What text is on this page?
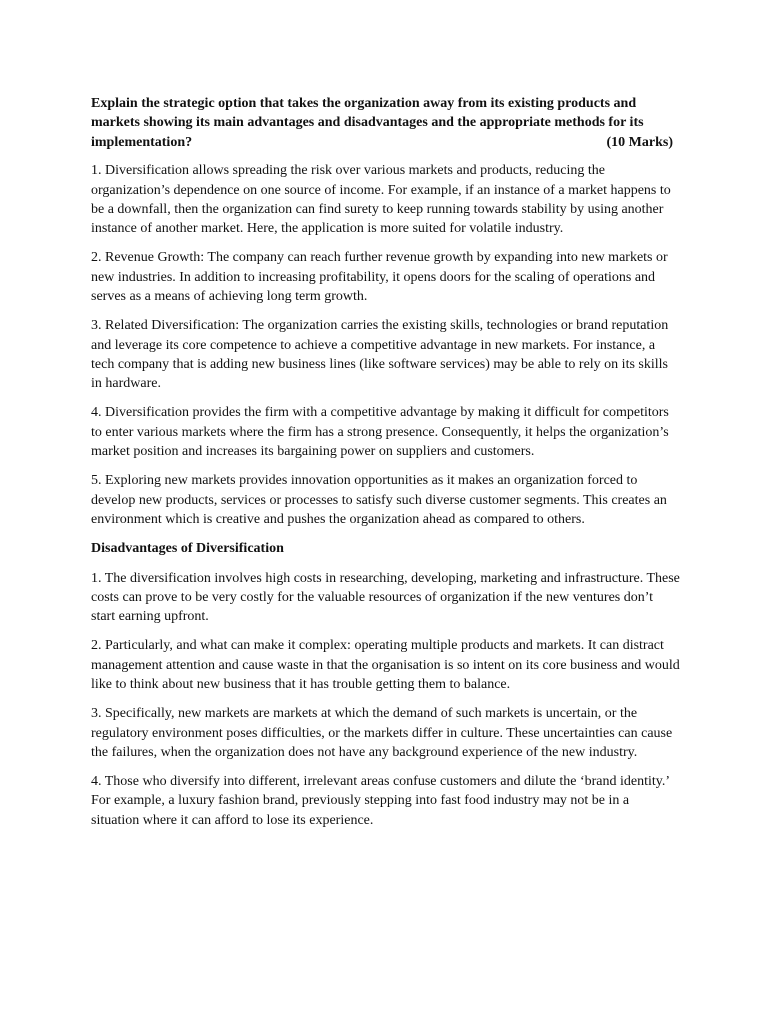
Explain the strategic option that takes the organization away from its existing products and markets showing its main advantages and disadvantages and the appropriate methods for its implementation?	(10 Marks)

1. Diversification allows spreading the risk over various markets and products, reducing the organization’s dependence on one source of income. For example, if an instance of a market happens to be a downfall, then the organization can find surety to keep running towards stability by using another instance of another market. Here, the application is more suited for volatile industry.

2. Revenue Growth: The company can reach further revenue growth by expanding into new markets or new industries. In addition to increasing profitability, it opens doors for the scaling of operations and serves as a means of achieving long term growth.

3. Related Diversification: The organization carries the existing skills, technologies or brand reputation and leverage its core competence to achieve a competitive advantage in new markets. For instance, a tech company that is adding new business lines (like software services) may be able to rely on its skills in hardware.

4. Diversification provides the firm with a competitive advantage by making it difficult for competitors to enter various markets where the firm has a strong presence. Consequently, it helps the organization’s market position and increases its bargaining power on suppliers and customers.

5. Exploring new markets provides innovation opportunities as it makes an organization forced to develop new products, services or processes to satisfy such diverse customer segments. This creates an environment which is creative and pushes the organization ahead as compared to others.

Disadvantages of Diversification

1. The diversification involves high costs in researching, developing, marketing and infrastructure. These costs can prove to be very costly for the valuable resources of organization if the new ventures don’t start earning upfront.

2. Particularly, and what can make it complex: operating multiple products and markets. It can distract management attention and cause waste in that the organisation is so intent on its core business and would like to think about new business that it has trouble getting them to balance.

3. Specifically, new markets are markets at which the demand of such markets is uncertain, or the regulatory environment poses difficulties, or the markets differ in culture. These uncertainties can cause the failures, when the organization does not have any background experience of the new industry.

4. Those who diversify into different, irrelevant areas confuse customers and dilute the ‘brand identity.’ For example, a luxury fashion brand, previously stepping into fast food industry may not be in a situation where it can afford to lose its experience.
